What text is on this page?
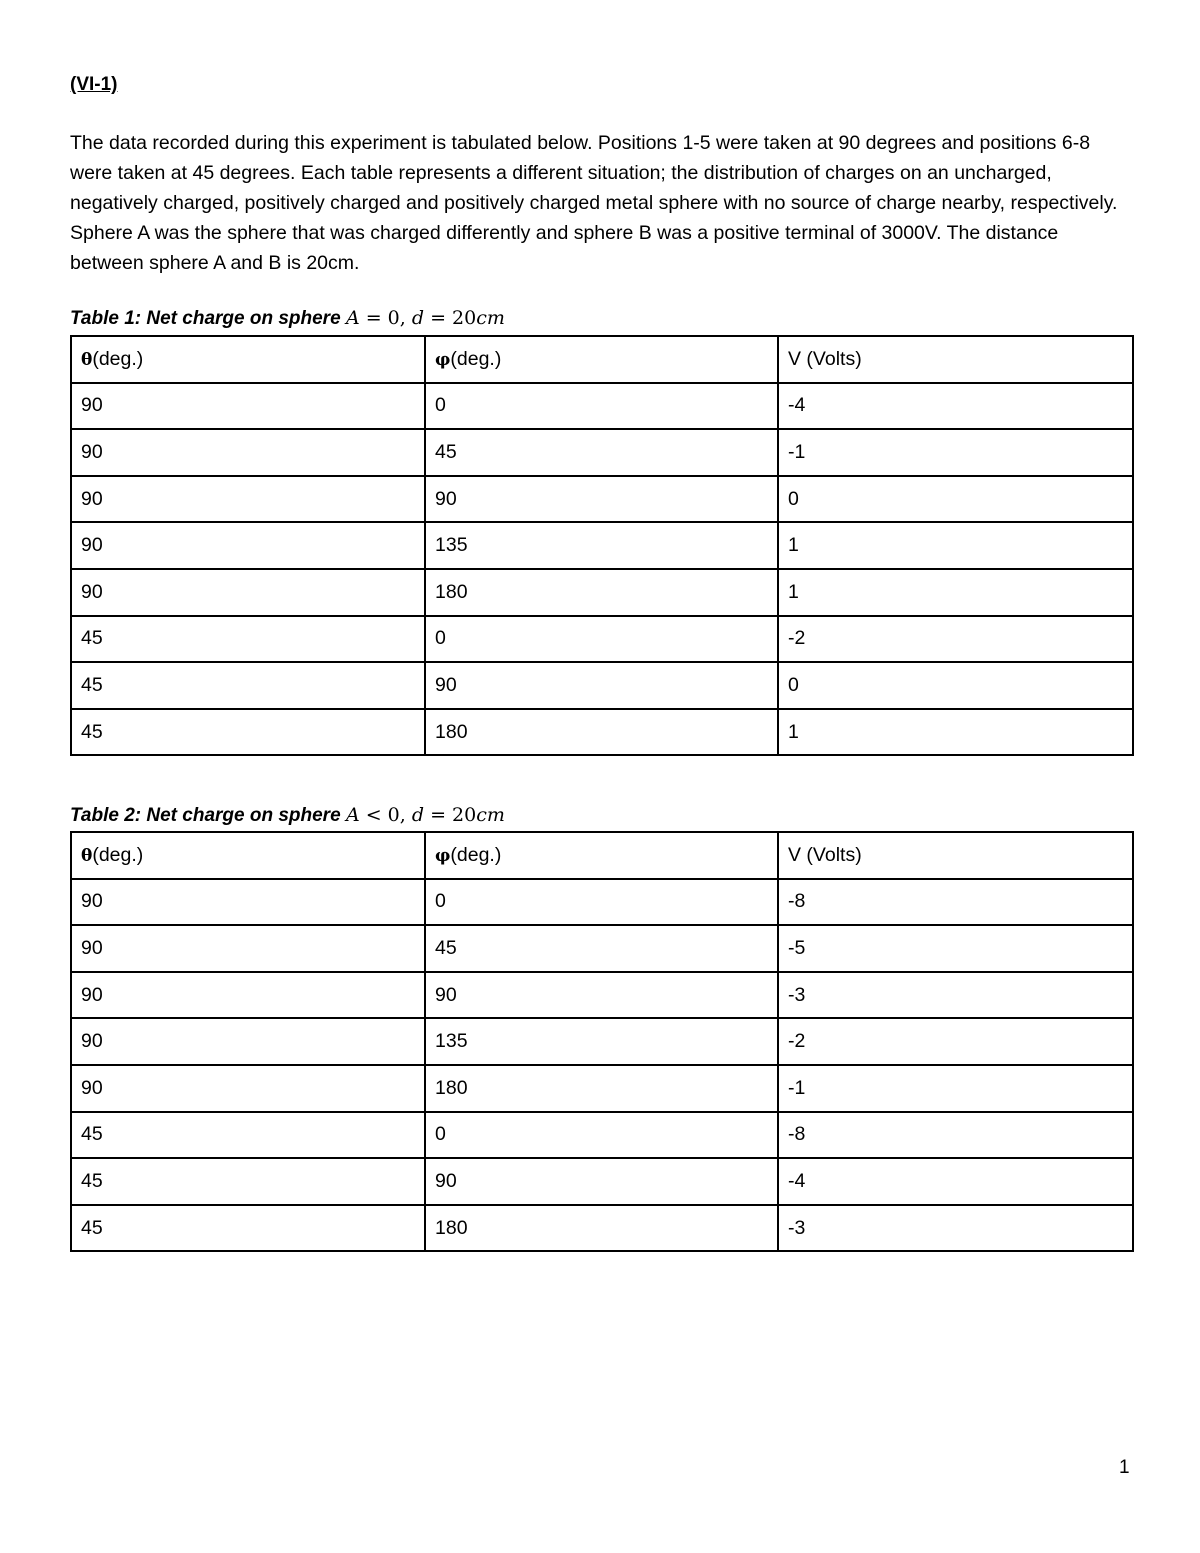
(VI-1)

The data recorded during this experiment is tabulated below. Positions 1-5 were taken at 90 degrees and positions 6-8 were taken at 45 degrees. Each table represents a different situation; the distribution of charges on an uncharged, negatively charged, positively charged and positively charged metal sphere with no source of charge nearby, respectively. Sphere A was the sphere that was charged differently and sphere B was a positive terminal of 3000V. The distance between sphere A and B is 20cm.

Table 1: Net charge on sphere A = 0, d = 20cm
θ(deg.)	φ(deg.)	V (Volts)
90	0	-4
90	45	-1
90	90	0
90	135	1
90	180	1
45	0	-2
45	90	0
45	180	1
Table 2: Net charge on sphere A < 0, d = 20cm
θ(deg.)	φ(deg.)	V (Volts)
90	0	-8
90	45	-5
90	90	-3
90	135	-2
90	180	-1
45	0	-8
45	90	-4
45	180	-3
1
